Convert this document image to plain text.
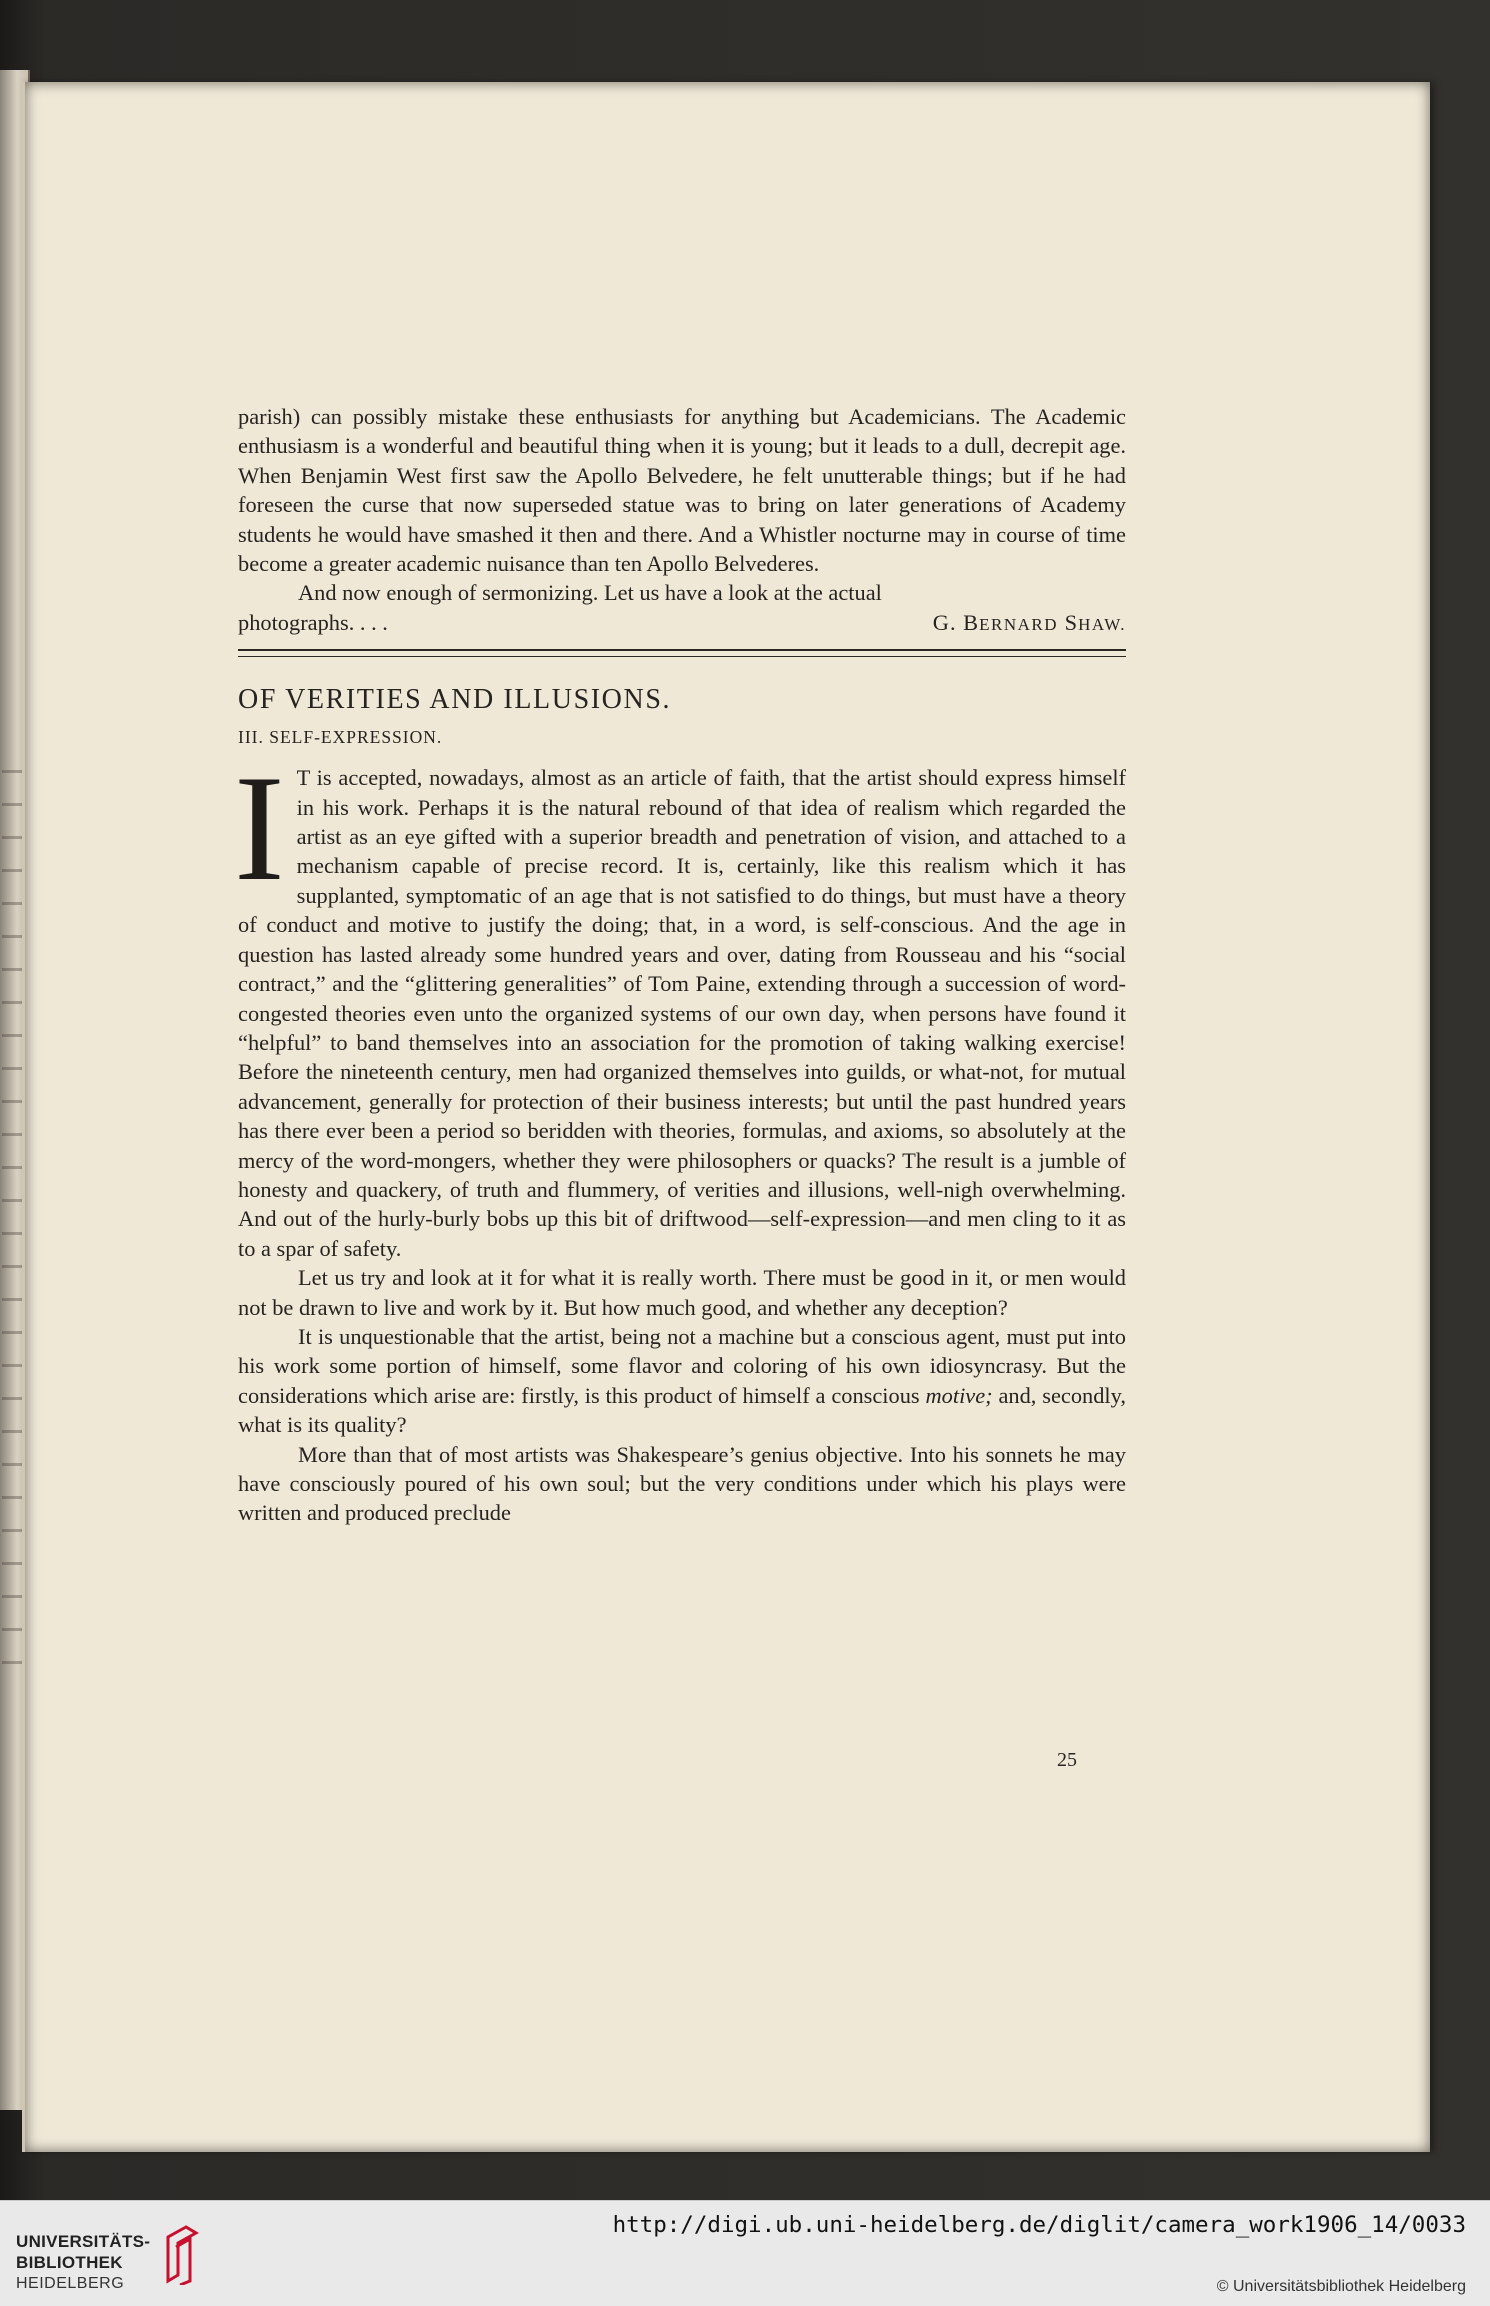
parish) can possibly mistake these enthusiasts for anything but Academicians. The Academic enthusiasm is a wonderful and beautiful thing when it is young; but it leads to a dull, decrepit age. When Benjamin West first saw the Apollo Belvedere, he felt unutterable things; but if he had foreseen the curse that now superseded statue was to bring on later generations of Academy students he would have smashed it then and there. And a Whistler nocturne may in course of time become a greater academic nuisance than ten Apollo Belvederes.

And now enough of sermonizing. Let us have a look at the actual

photographs. . . .	G. BERNARD SHAW.
OF VERITIES AND ILLUSIONS.
III. SELF-EXPRESSION.

I T is accepted, nowadays, almost as an article of faith, that the artist should express himself in his work. Perhaps it is the natural rebound of that idea of realism which regarded the artist as an eye gifted with a superior breadth and penetration of vision, and attached to a mechanism capable of precise record. It is, certainly, like this realism which it has supplanted, symptomatic of an age that is not satisfied to do things, but must have a theory of conduct and motive to justify the doing; that, in a word, is self-conscious. And the age in question has lasted already some hundred years and over, dating from Rousseau and his “social contract,” and the “glittering generalities” of Tom Paine, extending through a succession of word-congested theories even unto the organized systems of our own day, when persons have found it “helpful” to band themselves into an association for the promotion of taking walking exercise! Before the nineteenth century, men had organized themselves into guilds, or what-not, for mutual advancement, generally for protection of their business interests; but until the past hundred years has there ever been a period so beridden with theories, formulas, and axioms, so absolutely at the mercy of the word-mongers, whether they were philosophers or quacks? The result is a jumble of honesty and quackery, of truth and flummery, of verities and illusions, well-nigh overwhelming. And out of the hurly-burly bobs up this bit of driftwood—self-expression—and men cling to it as to a spar of safety.

Let us try and look at it for what it is really worth. There must be good in it, or men would not be drawn to live and work by it. But how much good, and whether any deception?

It is unquestionable that the artist, being not a machine but a conscious agent, must put into his work some portion of himself, some flavor and coloring of his own idiosyncrasy. But the considerations which arise are: firstly, is this product of himself a conscious motive; and, secondly, what is its quality?

More than that of most artists was Shakespeare’s genius objective. Into his sonnets he may have consciously poured of his own soul; but the very conditions under which his plays were written and produced preclude

25
UNIVERSITÄTS-
BIBLIOTHEK
HEIDELBERG
http://digi.ub.uni-heidelberg.de/diglit/camera_work1906_14/0033
© Universitätsbibliothek Heidelberg
